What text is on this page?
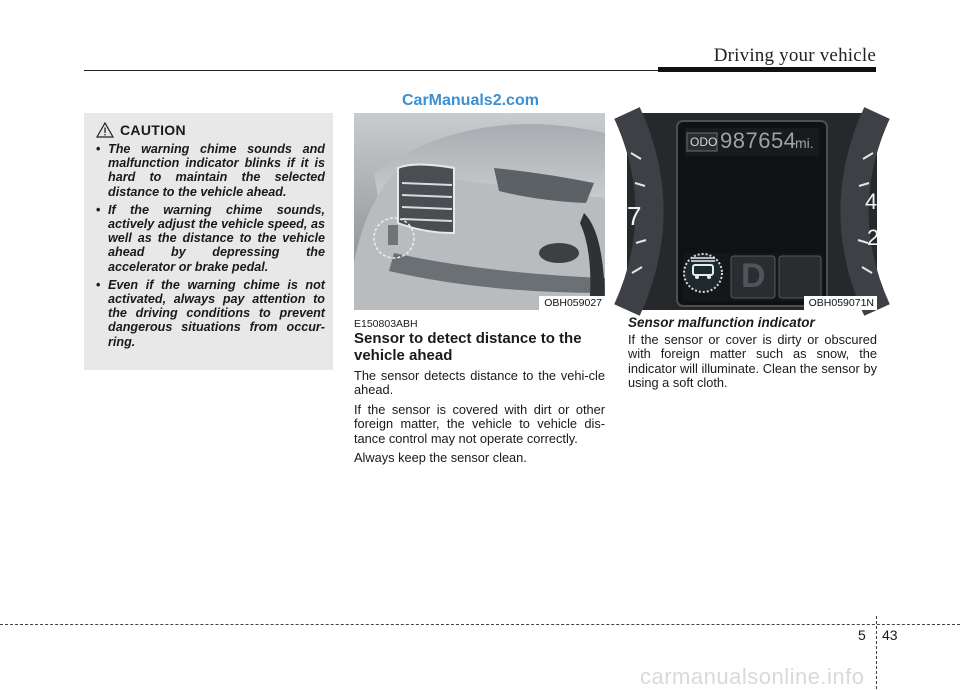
Driving your vehicle
CarManuals2.com
CAUTION
• The warning chime sounds and malfunction indicator blinks if it is hard to maintain the selected distance to the vehicle ahead.
• If the warning chime sounds, actively adjust the vehicle speed, as well as the distance to the vehicle ahead by depressing the accelerator or brake pedal.
• Even if the warning chime is not activated, always pay attention to the driving conditions to prevent dangerous situations from occur-ring.
OBH059027
7	4
2
ODO 987654
mi.
D
OBH059071N
E150803ABH
Sensor to detect distance to the vehicle ahead

The sensor detects distance to the vehi-cle ahead.

If the sensor is covered with dirt or other foreign matter, the vehicle to vehicle dis-tance control may not operate correctly.

Always keep the sensor clean.

Sensor malfunction indicator

If the sensor or cover is dirty or obscured with foreign matter such as snow, the indicator will illuminate. Clean the sensor by using a soft cloth.

5 43
carmanualsonline.info
